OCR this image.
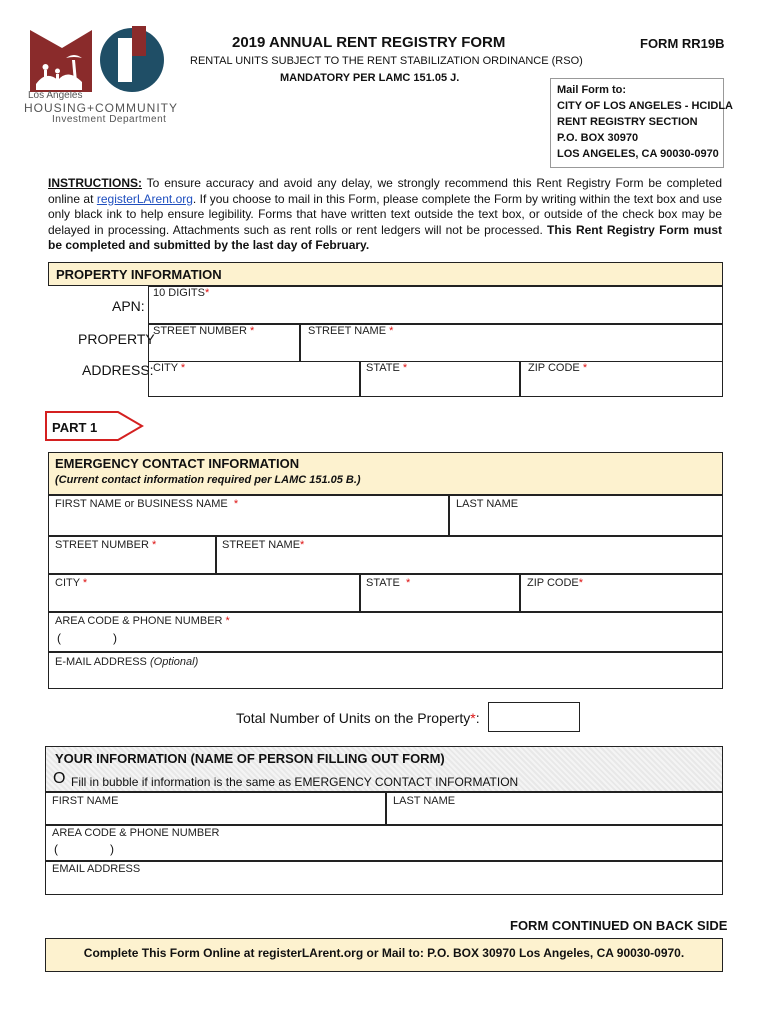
Los Angeles
HOUSING+COMMUNITY
Investment Department
2019 ANNUAL RENT REGISTRY FORM	FORM RR19B
RENTAL UNITS SUBJECT TO THE RENT STABILIZATION ORDINANCE (RSO)
MANDATORY PER LAMC 151.05 J.
Mail Form to:
CITY OF LOS ANGELES - HCIDLA
RENT REGISTRY SECTION
P.O. BOX 30970
LOS ANGELES, CA 90030-0970
INSTRUCTIONS: To ensure accuracy and avoid any delay, we strongly recommend this Rent Registry Form be completed online at registerLArent.org. If you choose to mail in this Form, please complete the Form by writing within the text box and use only black ink to help ensure legibility. Forms that have written text outside the text box, or outside of the check box may be delayed in processing. Attachments such as rent rolls or rent ledgers will not be processed. This Rent Registry Form must be completed and submitted by the last day of February.
PROPERTY INFORMATION
APN:
10 DIGITS*
PROPERTY
ADDRESS:
STREET NUMBER *	STREET NAME *
CITY *	STATE *	ZIP CODE *
PART 1
EMERGENCY CONTACT INFORMATION
(Current contact information required per LAMC 151.05 B.)
FIRST NAME or BUSINESS NAME *	LAST NAME
STREET NUMBER *	STREET NAME*
CITY *	STATE *	ZIP CODE*
AREA CODE & PHONE NUMBER *
(	)
E-MAIL ADDRESS (Optional)
Total Number of Units on the Property*:
YOUR INFORMATION (NAME OF PERSON FILLING OUT FORM)
O Fill in bubble if information is the same as EMERGENCY CONTACT INFORMATION
FIRST NAME	LAST NAME
AREA CODE & PHONE NUMBER
(	)
EMAIL ADDRESS
FORM CONTINUED ON BACK SIDE
Complete This Form Online at registerLArent.org or Mail to: P.O. BOX 30970 Los Angeles, CA 90030-0970.
